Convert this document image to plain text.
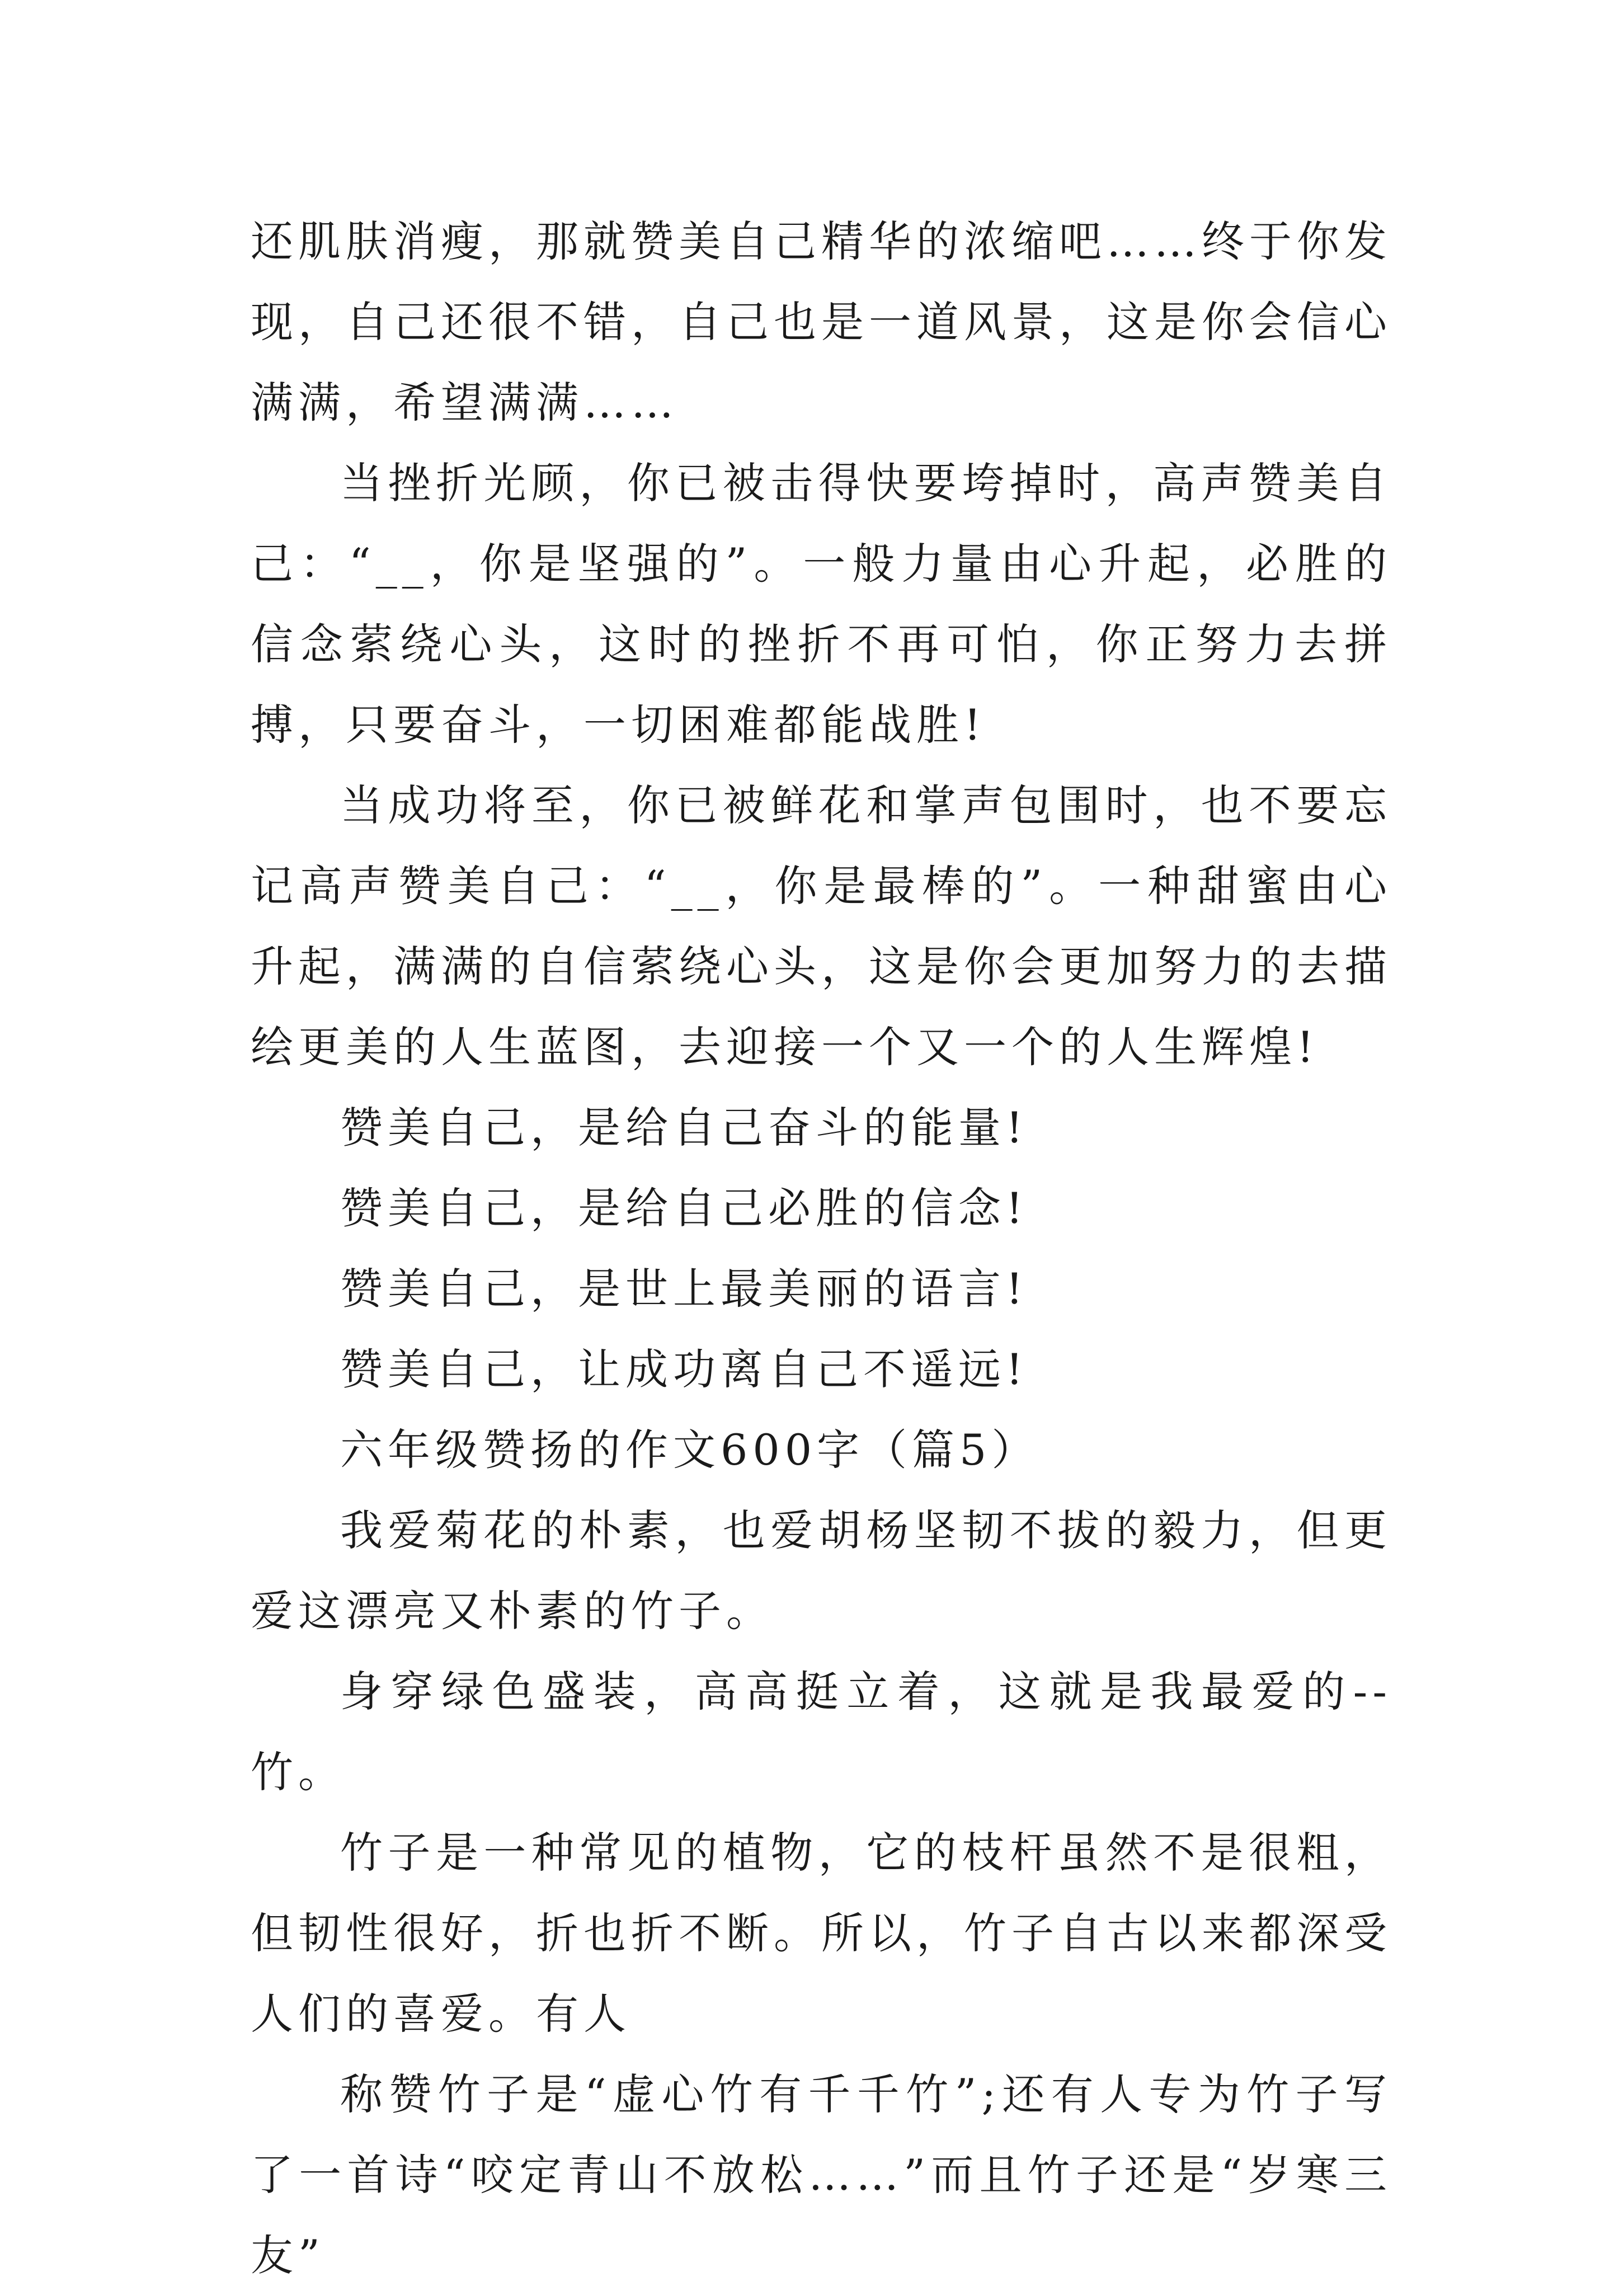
还肌肤消瘦，那就赞美自己精华的浓缩吧……终于你发现，自己还很不错，自己也是一道风景，这是你会信心满满，希望满满……

当挫折光顾，你已被击得快要垮掉时，高声赞美自己：“__，你是坚强的”。一般力量由心升起，必胜的信念萦绕心头，这时的挫折不再可怕，你正努力去拼搏，只要奋斗，一切困难都能战胜!

当成功将至，你已被鲜花和掌声包围时，也不要忘记高声赞美自己：“__，你是最棒的”。一种甜蜜由心升起，满满的自信萦绕心头，这是你会更加努力的去描绘更美的人生蓝图，去迎接一个又一个的人生辉煌!

赞美自己，是给自己奋斗的能量!

赞美自己，是给自己必胜的信念!

赞美自己，是世上最美丽的语言!

赞美自己，让成功离自己不遥远!

六年级赞扬的作文600字（篇5）

我爱菊花的朴素，也爱胡杨坚韧不拔的毅力，但更爱这漂亮又朴素的竹子。

身穿绿色盛装，高高挺立着，这就是我最爱的--竹。

竹子是一种常见的植物，它的枝杆虽然不是很粗，但韧性很好，折也折不断。所以，竹子自古以来都深受人们的喜爱。有人

称赞竹子是“虚心竹有千千竹”;还有人专为竹子写了一首诗“咬定青山不放松……”而且竹子还是“岁寒三友”
